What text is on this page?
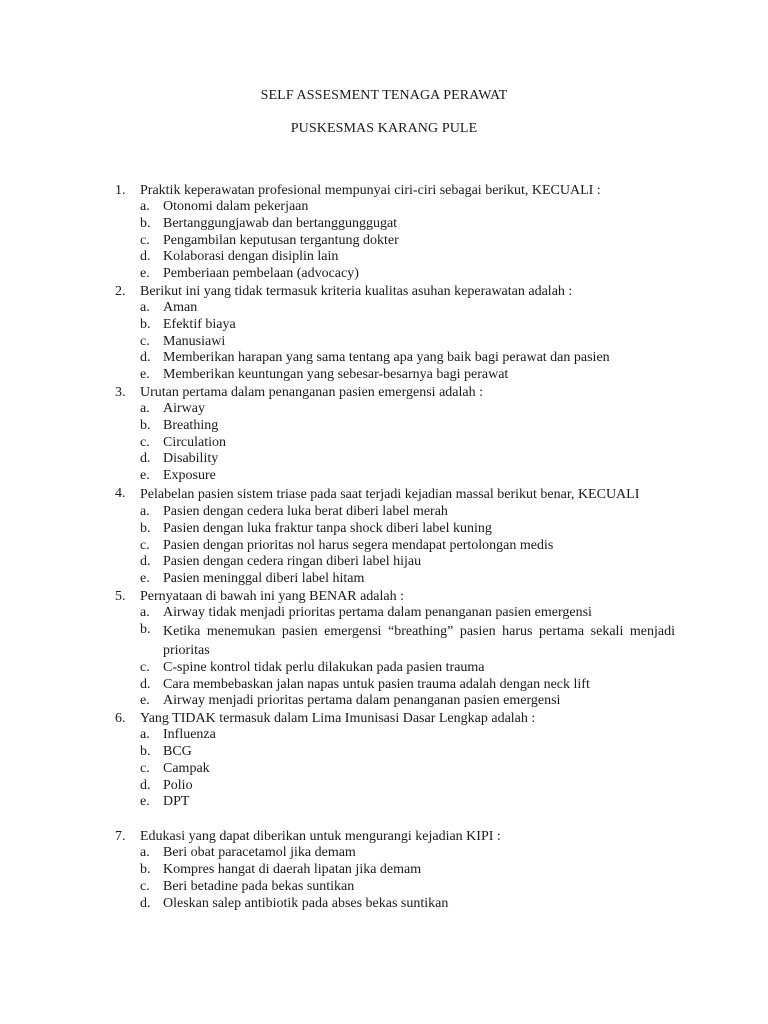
SELF ASSESMENT TENAGA PERAWAT
PUSKESMAS KARANG PULE
1.	Praktik keperawatan profesional mempunyai ciri-ciri sebagai berikut, KECUALI :
a. Otonomi dalam pekerjaan
b. Bertanggungjawab dan bertanggunggugat
c. Pengambilan keputusan tergantung dokter
d. Kolaborasi dengan disiplin lain
e. Pemberiaan pembelaan (advocacy)
2.	Berikut ini yang tidak termasuk kriteria kualitas asuhan keperawatan adalah :
a. Aman
b. Efektif biaya
c. Manusiawi
d. Memberikan harapan yang sama tentang apa yang baik bagi perawat dan pasien
e. Memberikan keuntungan yang sebesar-besarnya bagi perawat
3.	Urutan pertama dalam penanganan pasien emergensi adalah :
a. Airway
b. Breathing
c. Circulation
d. Disability
e. Exposure
4.	Pelabelan pasien sistem triase pada saat terjadi kejadian massal berikut benar, KECUALI
a. Pasien dengan cedera luka berat diberi label merah
b. Pasien dengan luka fraktur tanpa shock diberi label kuning
c. Pasien dengan prioritas nol harus segera mendapat pertolongan medis
d. Pasien dengan cedera ringan diberi label hijau
e. Pasien meninggal diberi label hitam
5.	Pernyataan di bawah ini yang BENAR adalah :
a. Airway tidak menjadi prioritas pertama dalam penanganan pasien emergensi
b. Ketika menemukan pasien emergensi “breathing” pasien harus pertama sekali menjadi prioritas
c. C-spine kontrol tidak perlu dilakukan pada pasien trauma
d. Cara membebaskan jalan napas untuk pasien trauma adalah dengan neck lift
e. Airway menjadi prioritas pertama dalam penanganan pasien emergensi
6.	Yang TIDAK termasuk dalam Lima Imunisasi Dasar Lengkap adalah :
a. Influenza
b. BCG
c. Campak
d. Polio
e. DPT
7.	Edukasi yang dapat diberikan untuk mengurangi kejadian KIPI :
a. Beri obat paracetamol jika demam
b. Kompres hangat di daerah lipatan jika demam
c. Beri betadine pada bekas suntikan
d. Oleskan salep antibiotik pada abses bekas suntikan
